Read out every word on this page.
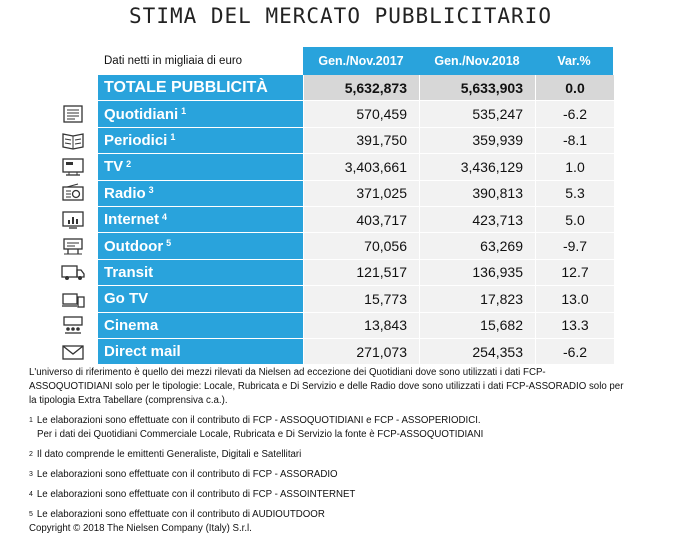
STIMA DEL MERCATO PUBBLICITARIO
Dati netti in migliaia di euro	Gen./Nov.2017	Gen./Nov.2018	Var.%
TOTALE PUBBLICITÀ	5,632,873	5,633,903	0.0
Quotidiani $^1$	570,459	535,247	-6.2
Periodici $^1$	391,750	359,939	-8.1
TV $^2$	3,403,661	3,436,129	1.0
Radio $^3$	371,025	390,813	5.3
Internet $^4$	403,717	423,713	5.0
Outdoor $^5$	70,056	63,269	-9.7
Transit	121,517	136,935	12.7
Go TV	15,773	17,823	13.0
Cinema	13,843	15,682	13.3
Direct mail	271,073	254,353	-6.2

L'universo di riferimento è quello dei mezzi rilevati da Nielsen ad eccezione dei Quotidiani dove sono utilizzati i dati FCP-ASSOQUOTIDIANI solo per le tipologie: Locale, Rubricata e Di Servizio e delle Radio dove sono utilizzati i dati FCP-ASSORADIO solo per la tipologia Extra Tabellare (comprensiva c.a.).

$^1$ Le elaborazioni sono effettuate con il contributo di FCP - ASSOQUOTIDIANI e FCP - ASSOPERIODICI.

Per i dati dei Quotidiani Commerciale Locale, Rubricata e Di Servizio la fonte è FCP-ASSOQUOTIDIANI

$^2$ Il dato comprende le emittenti Generaliste, Digitali e Satellitari

$^3$ Le elaborazioni sono effettuate con il contributo di FCP - ASSORADIO

$^4$ Le elaborazioni sono effettuate con il contributo di FCP - ASSOINTERNET

$^5$ Le elaborazioni sono effettuate con il contributo di AUDIOUTDOOR

Copyright © 2018 The Nielsen Company (Italy) S.r.l.
